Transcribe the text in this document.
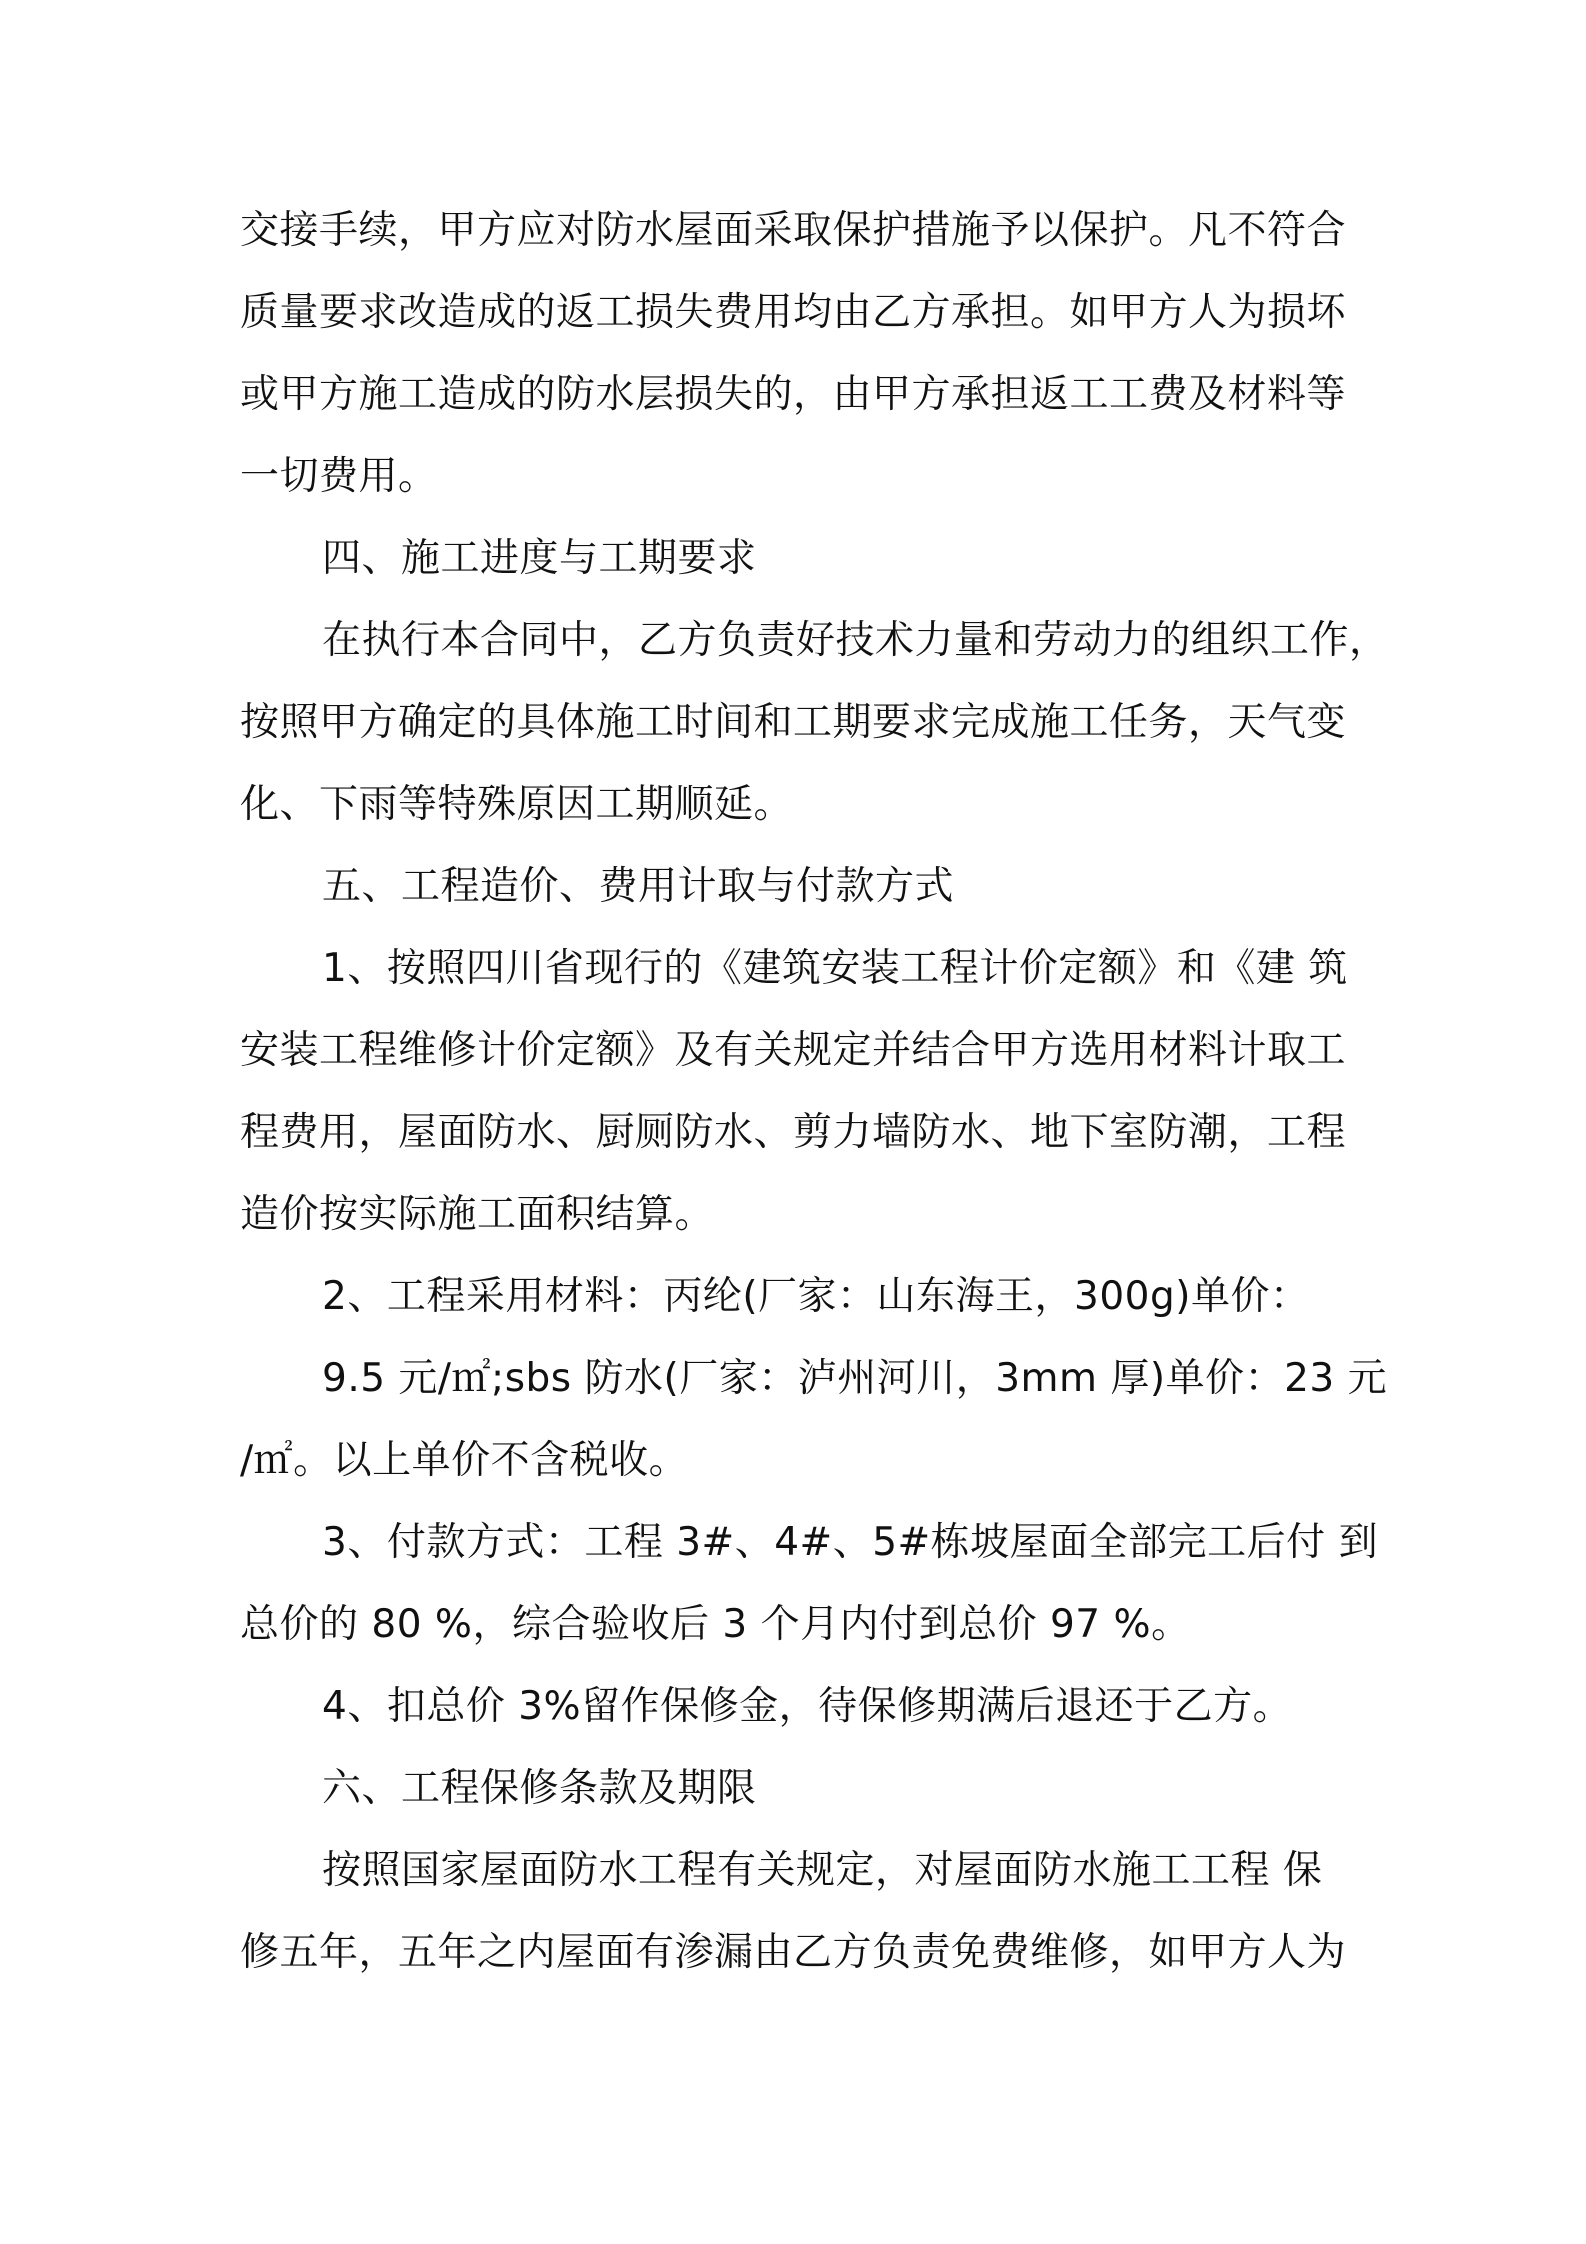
交接手续，甲方应对防水屋面采取保护措施予以保护。凡不符合
质量要求改造成的返工损失费用均由乙方承担。如甲方人为损坏
或甲方施工造成的防水层损失的，由甲方承担返工工费及材料等
一切费用。
四、施工进度与工期要求
在执行本合同中，乙方负责好技术力量和劳动力的组织工作，
按照甲方确定的具体施工时间和工期要求完成施工任务，天气变
化、下雨等特殊原因工期顺延。
五、工程造价、费用计取与付款方式
1、按照四川省现行的《建筑安装工程计价定额》和《建 筑
安装工程维修计价定额》及有关规定并结合甲方选用材料计取工
程费用，屋面防水、厨厕防水、剪力墙防水、地下室防潮，工程
造价按实际施工面积结算。
2、工程采用材料：丙纶(厂家：山东海王，300g)单价：
9.5 元/㎡;sbs 防水(厂家：泸州河川，3mm 厚)单价：23 元
/㎡。以上单价不含税收。
3、付款方式：工程 3#、4#、5#栋坡屋面全部完工后付 到
总价的 80 %，综合验收后 3 个月内付到总价 97 %。
4、扣总价 3%留作保修金，待保修期满后退还于乙方。
六、工程保修条款及期限
按照国家屋面防水工程有关规定，对屋面防水施工工程 保
修五年，五年之内屋面有渗漏由乙方负责免费维修，如甲方人为
